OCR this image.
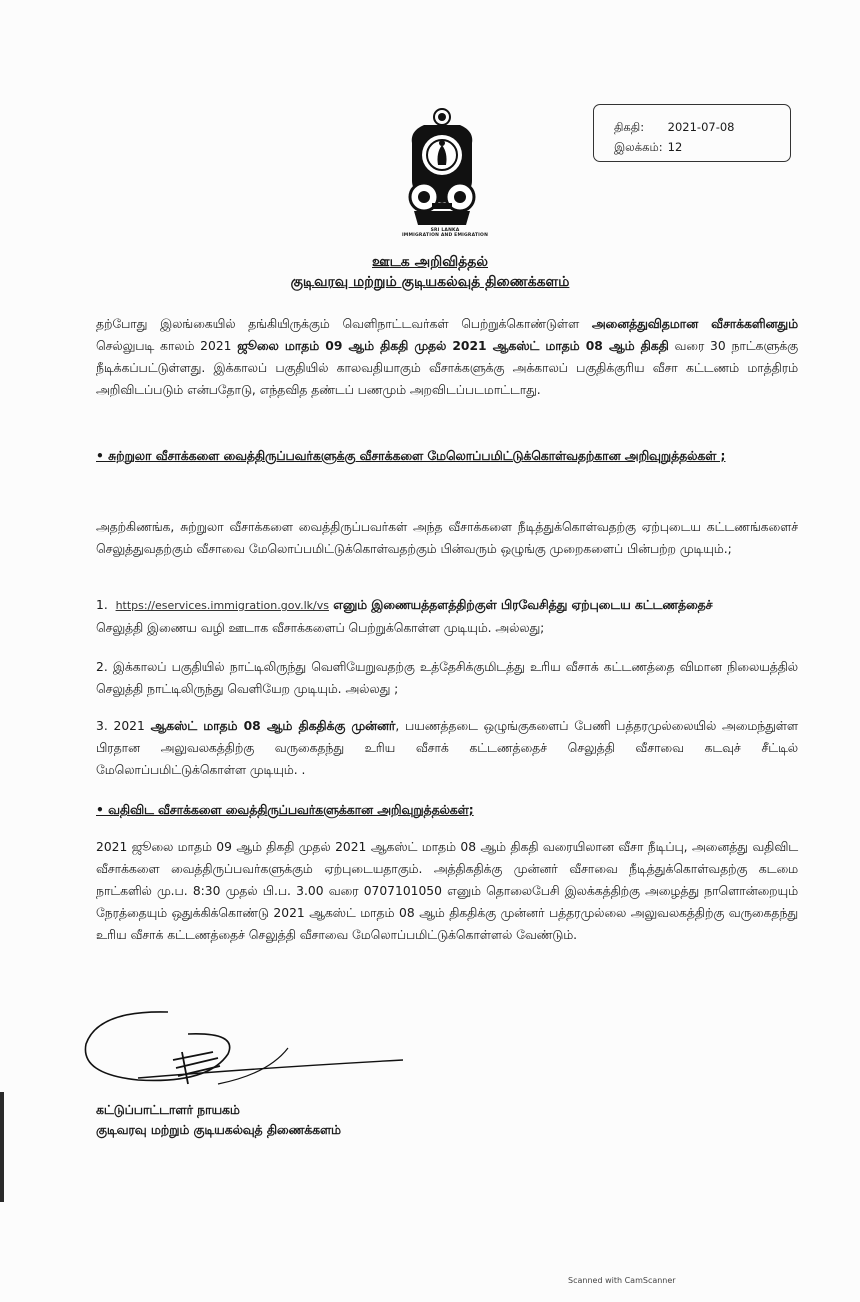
SRI LANKA
IMMIGRATION AND EMIGRATION
திகதி: 2021-07-08
இலக்கம்: 12
ஊடக அறிவித்தல்
குடிவரவு மற்றும் குடியகல்வுத் திணைக்களம்
தற்போது இலங்கையில் தங்கியிருக்கும் வெளிநாட்டவர்கள் பெற்றுக்கொண்டுள்ள அனைத்துவிதமான வீசாக்களினதும் செல்லுபடி காலம் 2021 ஜூலை மாதம் 09 ஆம் திகதி முதல் 2021 ஆகஸ்ட் மாதம் 08 ஆம் திகதி வரை 30 நாட்களுக்கு நீடிக்கப்பட்டுள்ளது. இக்காலப் பகுதியில் காலவதியாகும் வீசாக்களுக்கு அக்காலப் பகுதிக்குரிய வீசா கட்டணம் மாத்திரம் அறிவிடப்படும் என்பதோடு, எந்தவித தண்டப் பணமும் அறவிடப்படமாட்டாது.
• சுற்றுலா வீசாக்களை வைத்திருப்பவர்களுக்கு வீசாக்களை மேலொப்பமிட்டுக்கொள்வதற்கான அறிவுறுத்தல்கள் ;
அதற்கிணங்க, சுற்றுலா வீசாக்களை வைத்திருப்பவர்கள் அந்த வீசாக்களை நீடித்துக்கொள்வதற்கு ஏற்புடைய கட்டணங்களைச் செலுத்துவதற்கும் வீசாவை மேலொப்பமிட்டுக்கொள்வதற்கும் பின்வரும் ஒழுங்கு முறைகளைப் பின்பற்ற முடியும்.;
1. https://eservices.immigration.gov.lk/vs எனும் இணையத்தளத்திற்குள் பிரவேசித்து ஏற்புடைய கட்டணத்தைச்
செலுத்தி இணைய வழி ஊடாக வீசாக்களைப் பெற்றுக்கொள்ள முடியும். அல்லது;
2. இக்காலப் பகுதியில் நாட்டிலிருந்து வெளியேறுவதற்கு உத்தேசிக்குமிடத்து உரிய வீசாக் கட்டணத்தை விமான நிலையத்தில் செலுத்தி நாட்டிலிருந்து வெளியேற முடியும். அல்லது ;
3. 2021 ஆகஸ்ட் மாதம் 08 ஆம் திகதிக்கு முன்னர், பயணத்தடை ஒழுங்குகளைப் பேணி பத்தரமுல்லையில் அமைந்துள்ள பிரதான அலுவலகத்திற்கு வருகைதந்து உரிய வீசாக் கட்டணத்தைச் செலுத்தி வீசாவை கடவுச் சீட்டில் மேலொப்பமிட்டுக்கொள்ள முடியும். .
• வதிவிட வீசாக்களை வைத்திருப்பவர்களுக்கான அறிவுறுத்தல்கள்;
2021 ஜூலை மாதம் 09 ஆம் திகதி முதல் 2021 ஆகஸ்ட் மாதம் 08 ஆம் திகதி வரையிலான வீசா நீடிப்பு, அனைத்து வதிவிட வீசாக்களை வைத்திருப்பவர்களுக்கும் ஏற்புடையதாகும். அத்திகதிக்கு முன்னர் வீசாவை நீடித்துக்கொள்வதற்கு கடமை நாட்களில் மு.ப. 8:30 முதல் பி.ப. 3.00 வரை 0707101050 எனும் தொலைபேசி இலக்கத்திற்கு அழைத்து நாளொன்றையும் நேரத்தையும் ஒதுக்கிக்கொண்டு 2021 ஆகஸ்ட் மாதம் 08 ஆம் திகதிக்கு முன்னர் பத்தரமுல்லை அலுவலகத்திற்கு வருகைதந்து உரிய வீசாக் கட்டணத்தைச் செலுத்தி வீசாவை மேலொப்பமிட்டுக்கொள்ளல் வேண்டும்.
கட்டுப்பாட்டாளர் நாயகம்
குடிவரவு மற்றும் குடியகல்வுத் திணைக்களம்
Scanned with CamScanner
